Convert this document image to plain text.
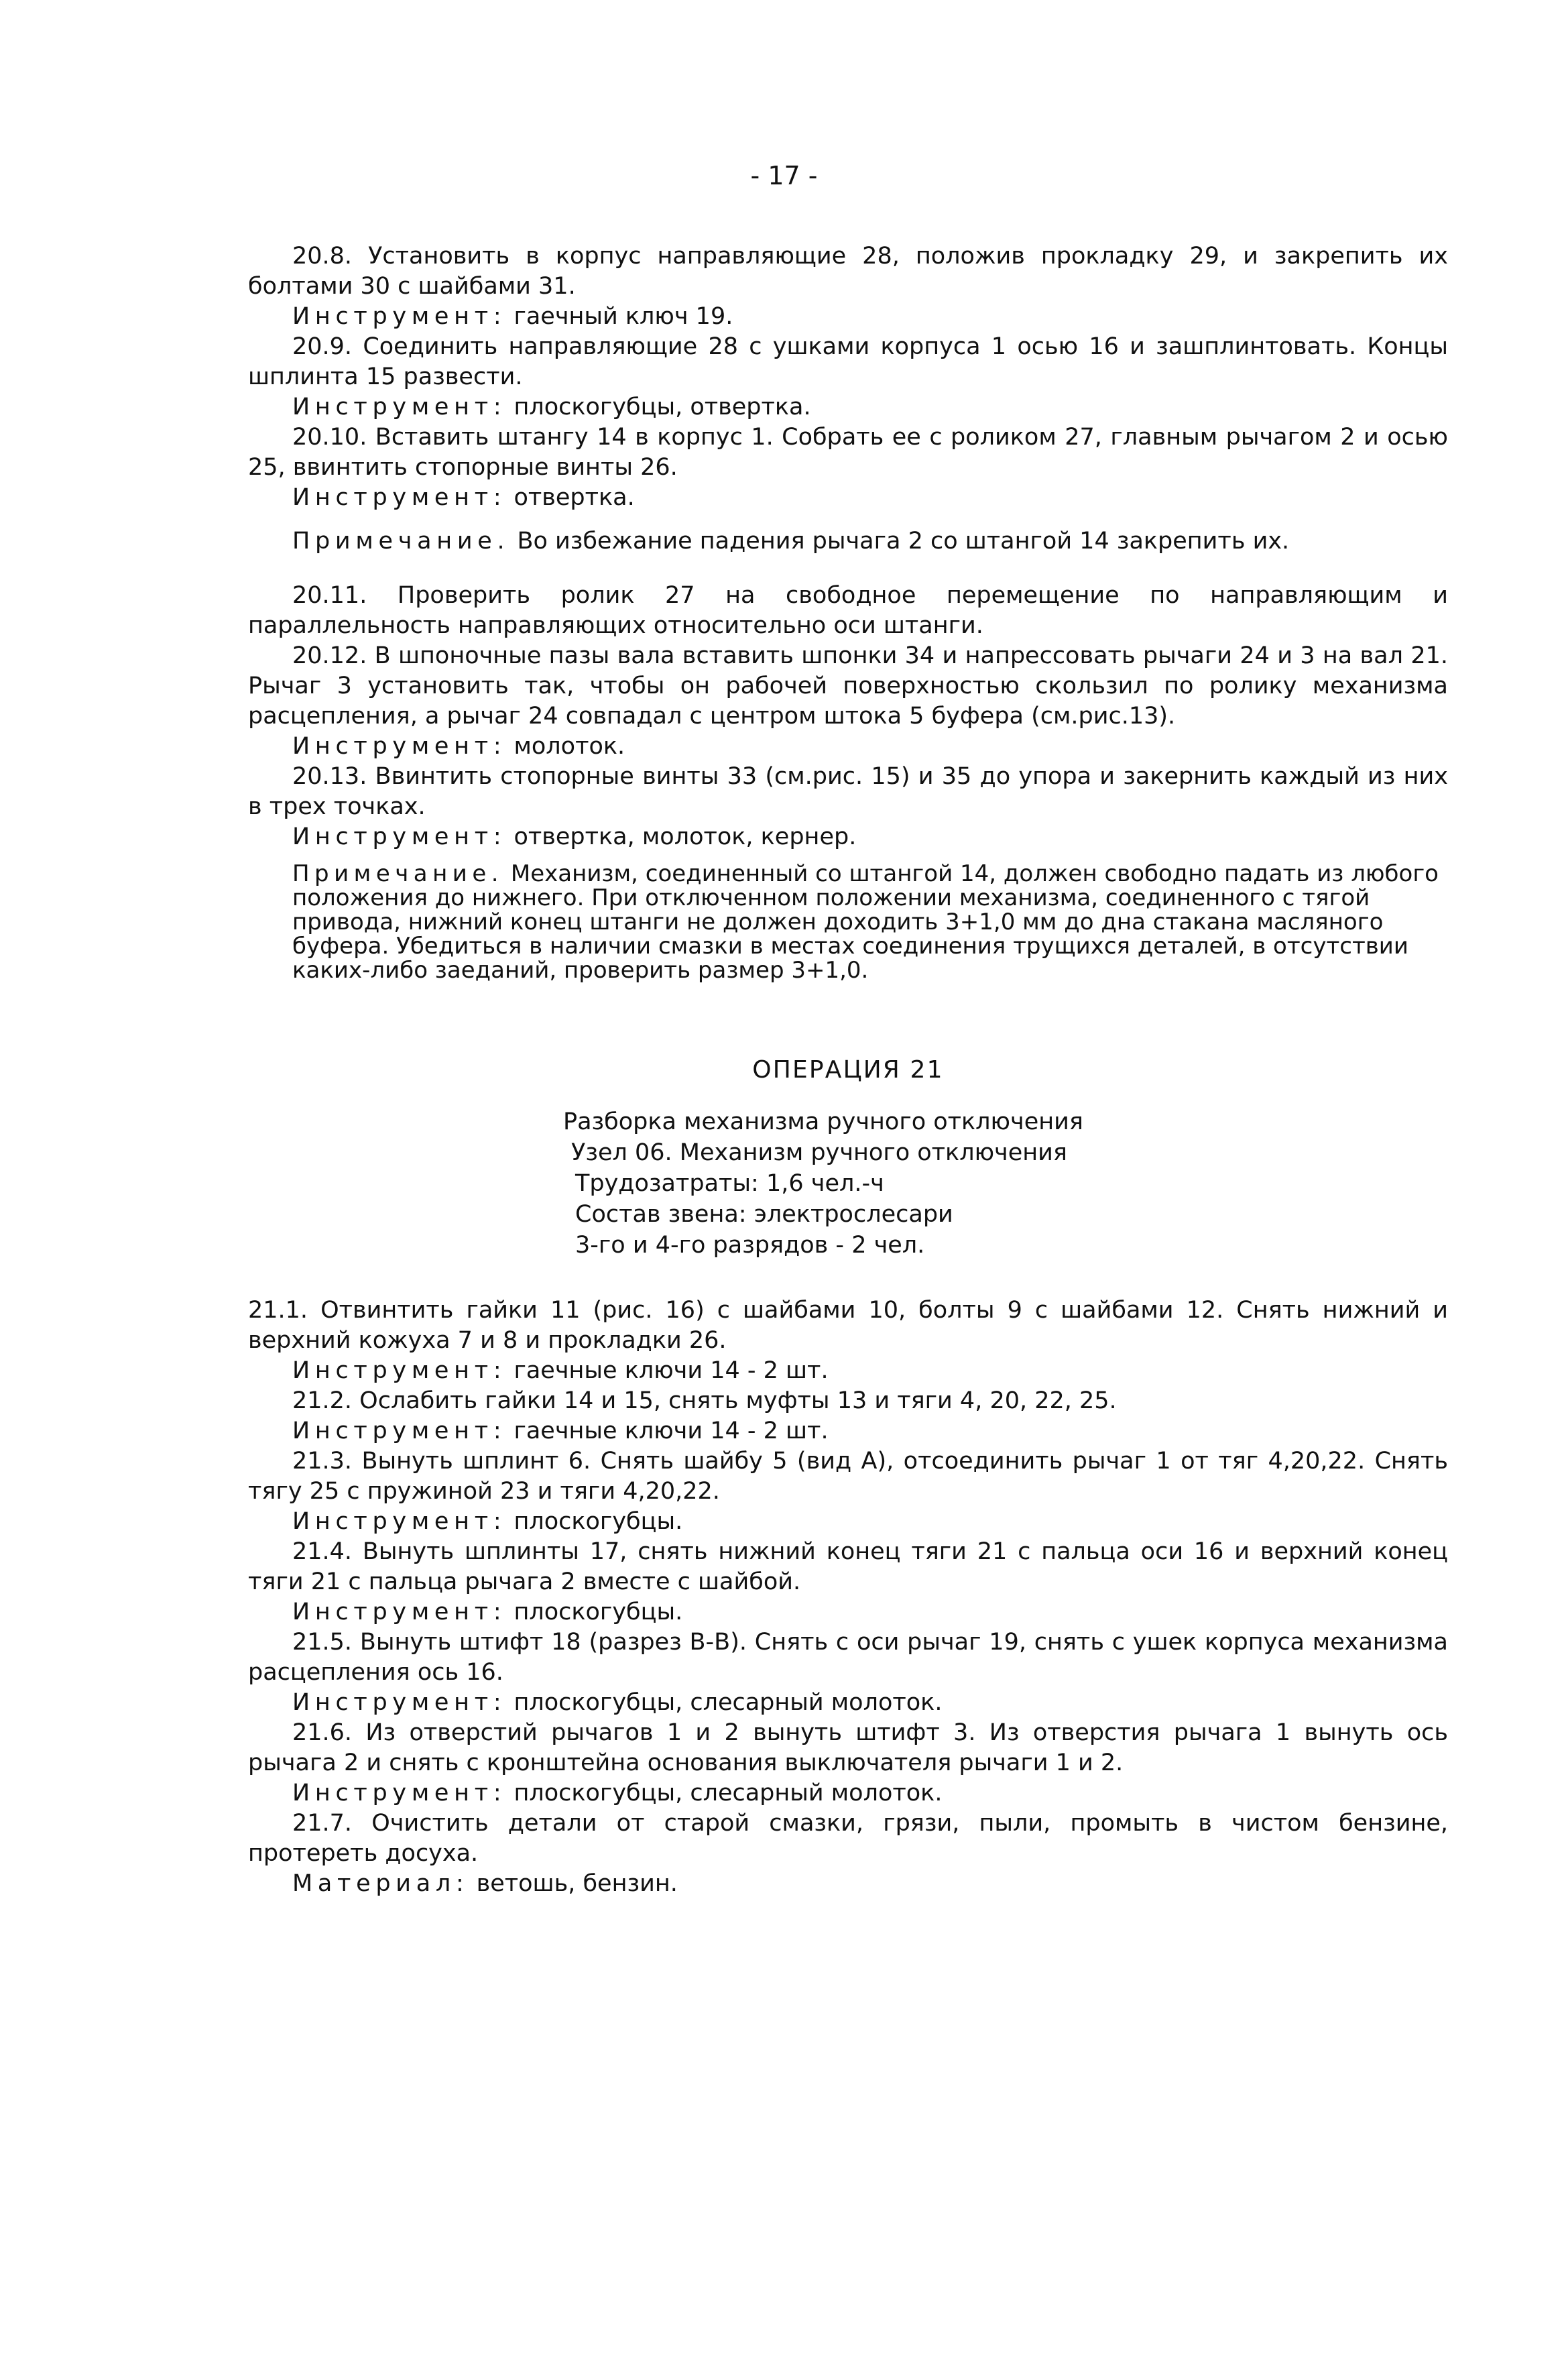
- 17 -

20.8. Установить в корпус направляющие 28, положив прокладку 29, и закрепить их болтами 30 с шайбами 31.

Инструмент: гаечный ключ 19.

20.9. Соединить направляющие 28 с ушками корпуса 1 осью 16 и зашплинтовать. Концы шплинта 15 развести.

Инструмент: плоскогубцы, отвертка.

20.10. Вставить штангу 14 в корпус 1. Собрать ее с роликом 27, главным рычагом 2 и осью 25, ввинтить стопорные винты 26.

Инструмент: отвертка.

Примечание. Во избежание падения рычага 2 со штангой 14 закрепить их.

20.11. Проверить ролик 27 на свободное перемещение по направляющим и параллельность направляющих относительно оси штанги.

20.12. В шпоночные пазы вала вставить шпонки 34 и напрессовать рычаги 24 и 3 на вал 21. Рычаг 3 установить так, чтобы он рабочей поверхностью скользил по ролику механизма расцепления, а рычаг 24 совпадал с центром штока 5 буфера (см.рис.13).

Инструмент: молоток.

20.13. Ввинтить стопорные винты 33 (см.рис. 15) и 35 до упора и закернить каждый из них в трех точках.

Инструмент: отвертка, молоток, кернер.

Примечание. Механизм, соединенный со штангой 14, должен свободно падать из любого положения до нижнего. При отключенном положении механизма, соединенного с тягой привода, нижний конец штанги не должен доходить 3+1,0 мм до дна стакана масляного буфера. Убедиться в наличии смазки в местах соединения трущихся деталей, в отсутствии каких-либо заеданий, проверить размер 3+1,0.
ОПЕРАЦИЯ 21
Разборка механизма ручного отключения
Узел 06. Механизм ручного отключения
Трудозатраты: 1,6 чел.-ч
Состав звена: электрослесари
3-го и 4-го разрядов - 2 чел.

21.1. Отвинтить гайки 11 (рис. 16) с шайбами 10, болты 9 с шайбами 12. Снять нижний и верхний кожуха 7 и 8 и прокладки 26.

Инструмент: гаечные ключи 14 - 2 шт.

21.2. Ослабить гайки 14 и 15, снять муфты 13 и тяги 4, 20, 22, 25.

Инструмент: гаечные ключи 14 - 2 шт.

21.3. Вынуть шплинт 6. Снять шайбу 5 (вид А), отсоединить рычаг 1 от тяг 4,20,22. Снять тягу 25 с пружиной 23 и тяги 4,20,22.

Инструмент: плоскогубцы.

21.4. Вынуть шплинты 17, снять нижний конец тяги 21 с пальца оси 16 и верхний конец тяги 21 с пальца рычага 2 вместе с шайбой.

Инструмент: плоскогубцы.

21.5. Вынуть штифт 18 (разрез В-В). Снять с оси рычаг 19, снять с ушек корпуса механизма расцепления ось 16.

Инструмент: плоскогубцы, слесарный молоток.

21.6. Из отверстий рычагов 1 и 2 вынуть штифт 3. Из отверстия рычага 1 вынуть ось рычага 2 и снять с кронштейна основания выключателя рычаги 1 и 2.

Инструмент: плоскогубцы, слесарный молоток.

21.7. Очистить детали от старой смазки, грязи, пыли, промыть в чистом бензине, протереть досуха.

Материал: ветошь, бензин.
